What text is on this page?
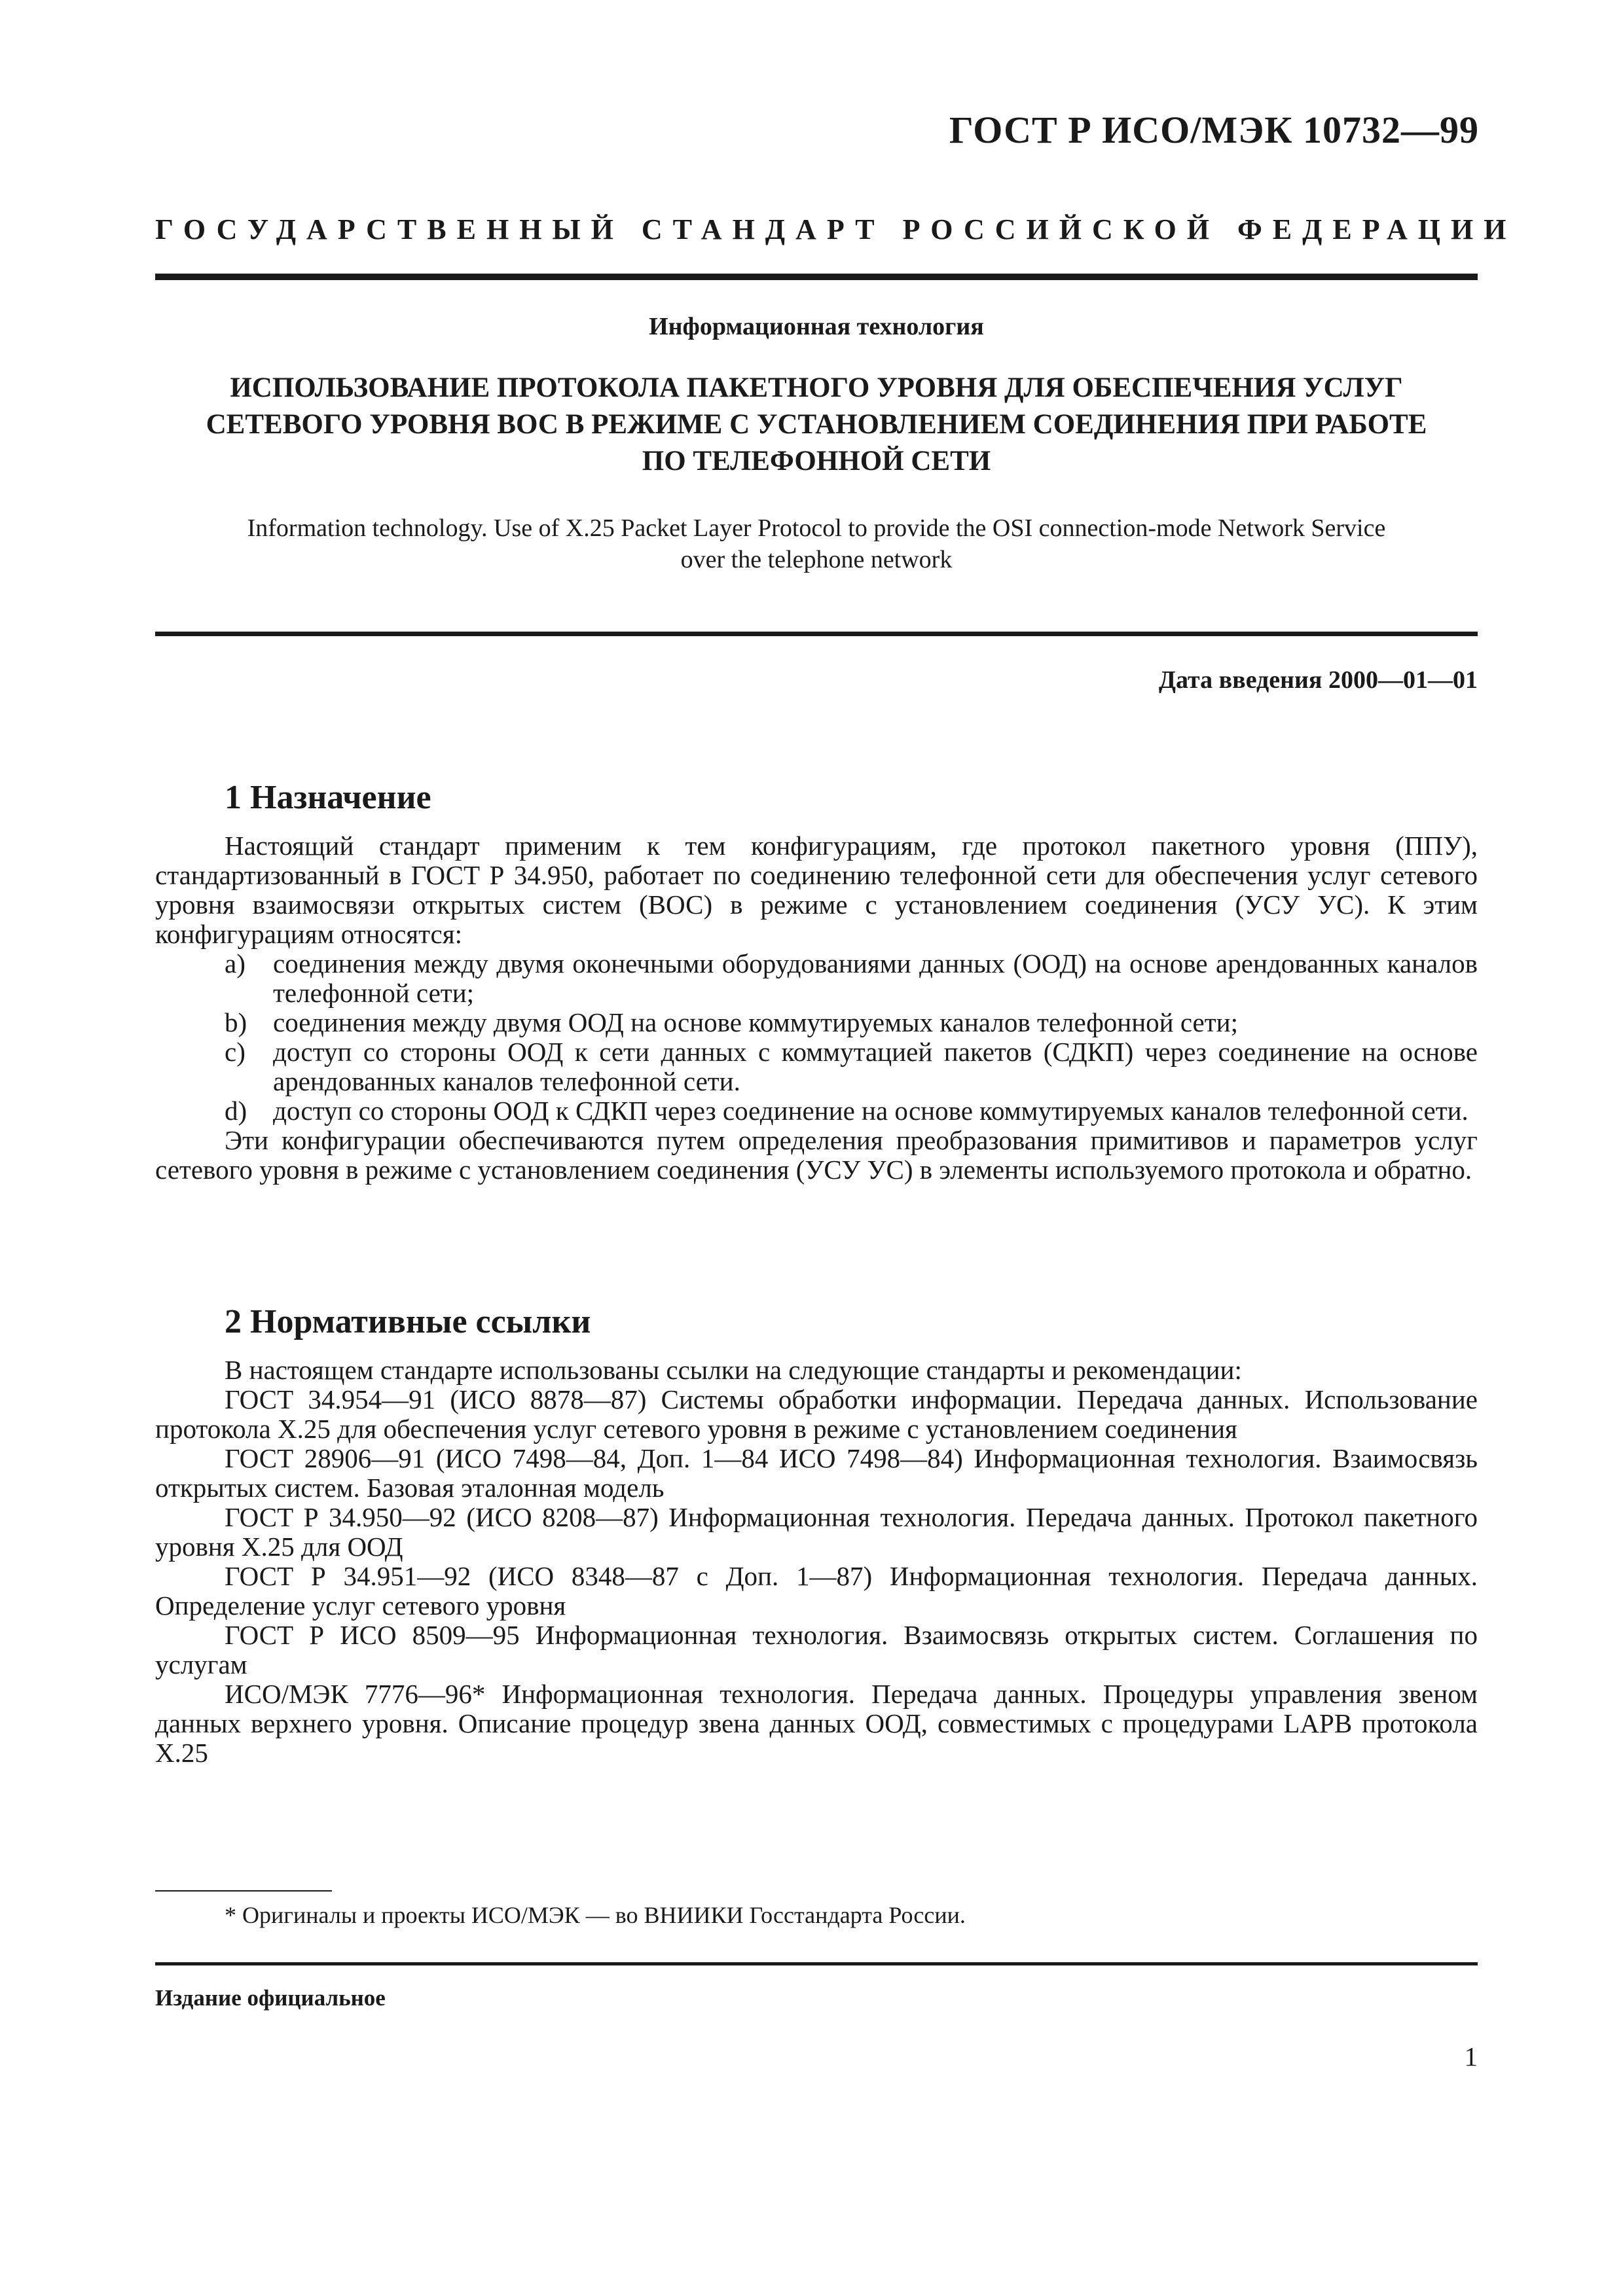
ГОСТ Р ИСО/МЭК 10732—99
ГОСУДАРСТВЕННЫЙ СТАНДАРТ РОССИЙСКОЙ ФЕДЕРАЦИИ
Информационная технология
ИСПОЛЬЗОВАНИЕ ПРОТОКОЛА ПАКЕТНОГО УРОВНЯ ДЛЯ ОБЕСПЕЧЕНИЯ УСЛУГ
СЕТЕВОГО УРОВНЯ ВОС В РЕЖИМЕ С УСТАНОВЛЕНИЕМ СОЕДИНЕНИЯ ПРИ РАБОТЕ
ПО ТЕЛЕФОННОЙ СЕТИ
Information technology. Use of X.25 Packet Layer Protocol to provide the OSI connection-mode Network Service
over the telephone network
Дата введения 2000—01—01
1 Назначение

Настоящий стандарт применим к тем конфигурациям, где протокол пакетного уровня (ППУ), стандартизованный в ГОСТ Р 34.950, работает по соединению телефонной сети для обеспечения услуг сетевого уровня взаимосвязи открытых систем (ВОС) в режиме с установлением соединения (УСУ УС). К этим конфигурациям относятся:

a)	соединения между двумя оконечными оборудованиями данных (ООД) на основе арендованных каналов телефонной сети;
b) соединения между двумя ООД на основе коммутируемых каналов телефонной сети;
c)	доступ со стороны ООД к сети данных с коммутацией пакетов (СДКП) через соединение на основе арендованных каналов телефонной сети.
d) доступ со стороны ООД к СДКП через соединение на основе коммутируемых каналов телефонной сети.

Эти конфигурации обеспечиваются путем определения преобразования примитивов и параметров услуг сетевого уровня в режиме с установлением соединения (УСУ УС) в элементы используемого протокола и обратно.

2 Нормативные ссылки

В настоящем стандарте использованы ссылки на следующие стандарты и рекомендации:

ГОСТ 34.954—91 (ИСО 8878—87) Системы обработки информации. Передача данных. Использование протокола X.25 для обеспечения услуг сетевого уровня в режиме с установлением соединения

ГОСТ 28906—91 (ИСО 7498—84, Доп. 1—84 ИСО 7498—84) Информационная технология. Взаимосвязь открытых систем. Базовая эталонная модель

ГОСТ Р 34.950—92 (ИСО 8208—87) Информационная технология. Передача данных. Протокол пакетного уровня X.25 для ООД

ГОСТ Р 34.951—92 (ИСО 8348—87 с Доп. 1—87) Информационная технология. Передача данных. Определение услуг сетевого уровня

ГОСТ Р ИСО 8509—95 Информационная технология. Взаимосвязь открытых систем. Соглашения по услугам

ИСО/МЭК 7776—96* Информационная технология. Передача данных. Процедуры управления звеном данных верхнего уровня. Описание процедур звена данных ООД, совместимых с процедурами LAPB протокола X.25

* Оригиналы и проекты ИСО/МЭК — во ВНИИКИ Госстандарта России.
Издание официальное
1
